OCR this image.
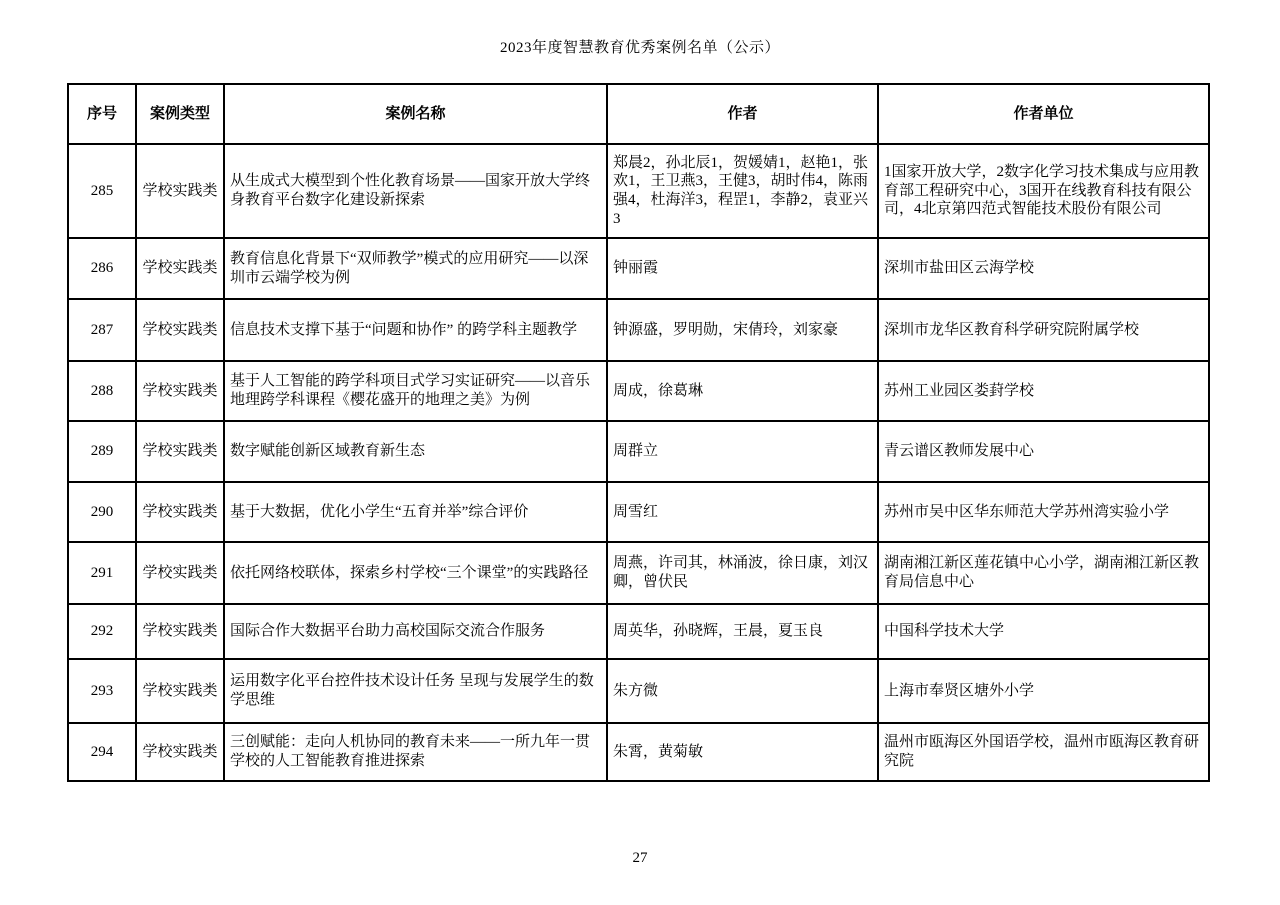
2023年度智慧教育优秀案例名单（公示）
序号	案例类型	案例名称	作者	作者单位
285	学校实践类	从生成式大模型到个性化教育场景——国家开放大学终身教育平台数字化建设新探索	郑晨2，孙北辰1，贺媛婧1，赵艳1，张欢1，王卫燕3，王健3，胡时伟4，陈雨强4，杜海洋3，程罡1，李静2，袁亚兴3	1国家开放大学，2数字化学习技术集成与应用教育部工程研究中心，3国开在线教育科技有限公司，4北京第四范式智能技术股份有限公司
286	学校实践类	教育信息化背景下“双师教学”模式的应用研究——以深圳市云端学校为例	钟丽霞	深圳市盐田区云海学校
287	学校实践类	信息技术支撑下基于“问题和协作” 的跨学科主题教学	钟源盛，罗明勋，宋倩玲，刘家豪	深圳市龙华区教育科学研究院附属学校
288	学校实践类	基于人工智能的跨学科项目式学习实证研究——以音乐地理跨学科课程《樱花盛开的地理之美》为例	周成，徐葛琳	苏州工业园区娄葑学校
289	学校实践类	数字赋能创新区域教育新生态	周群立	青云谱区教师发展中心
290	学校实践类	基于大数据，优化小学生“五育并举”综合评价	周雪红	苏州市吴中区华东师范大学苏州湾实验小学
291	学校实践类	依托网络校联体，探索乡村学校“三个课堂”的实践路径	周燕，许司其，林涌波，徐日康，刘汉卿，曾伏民	湖南湘江新区莲花镇中心小学，湖南湘江新区教育局信息中心
292	学校实践类	国际合作大数据平台助力高校国际交流合作服务	周英华，孙晓辉，王晨，夏玉良	中国科学技术大学
293	学校实践类	运用数字化平台控件技术设计任务 呈现与发展学生的数学思维	朱方微	上海市奉贤区塘外小学
294	学校实践类	三创赋能：走向人机协同的教育未来——一所九年一贯学校的人工智能教育推进探索	朱霄，黄菊敏	温州市瓯海区外国语学校，温州市瓯海区教育研究院
27
